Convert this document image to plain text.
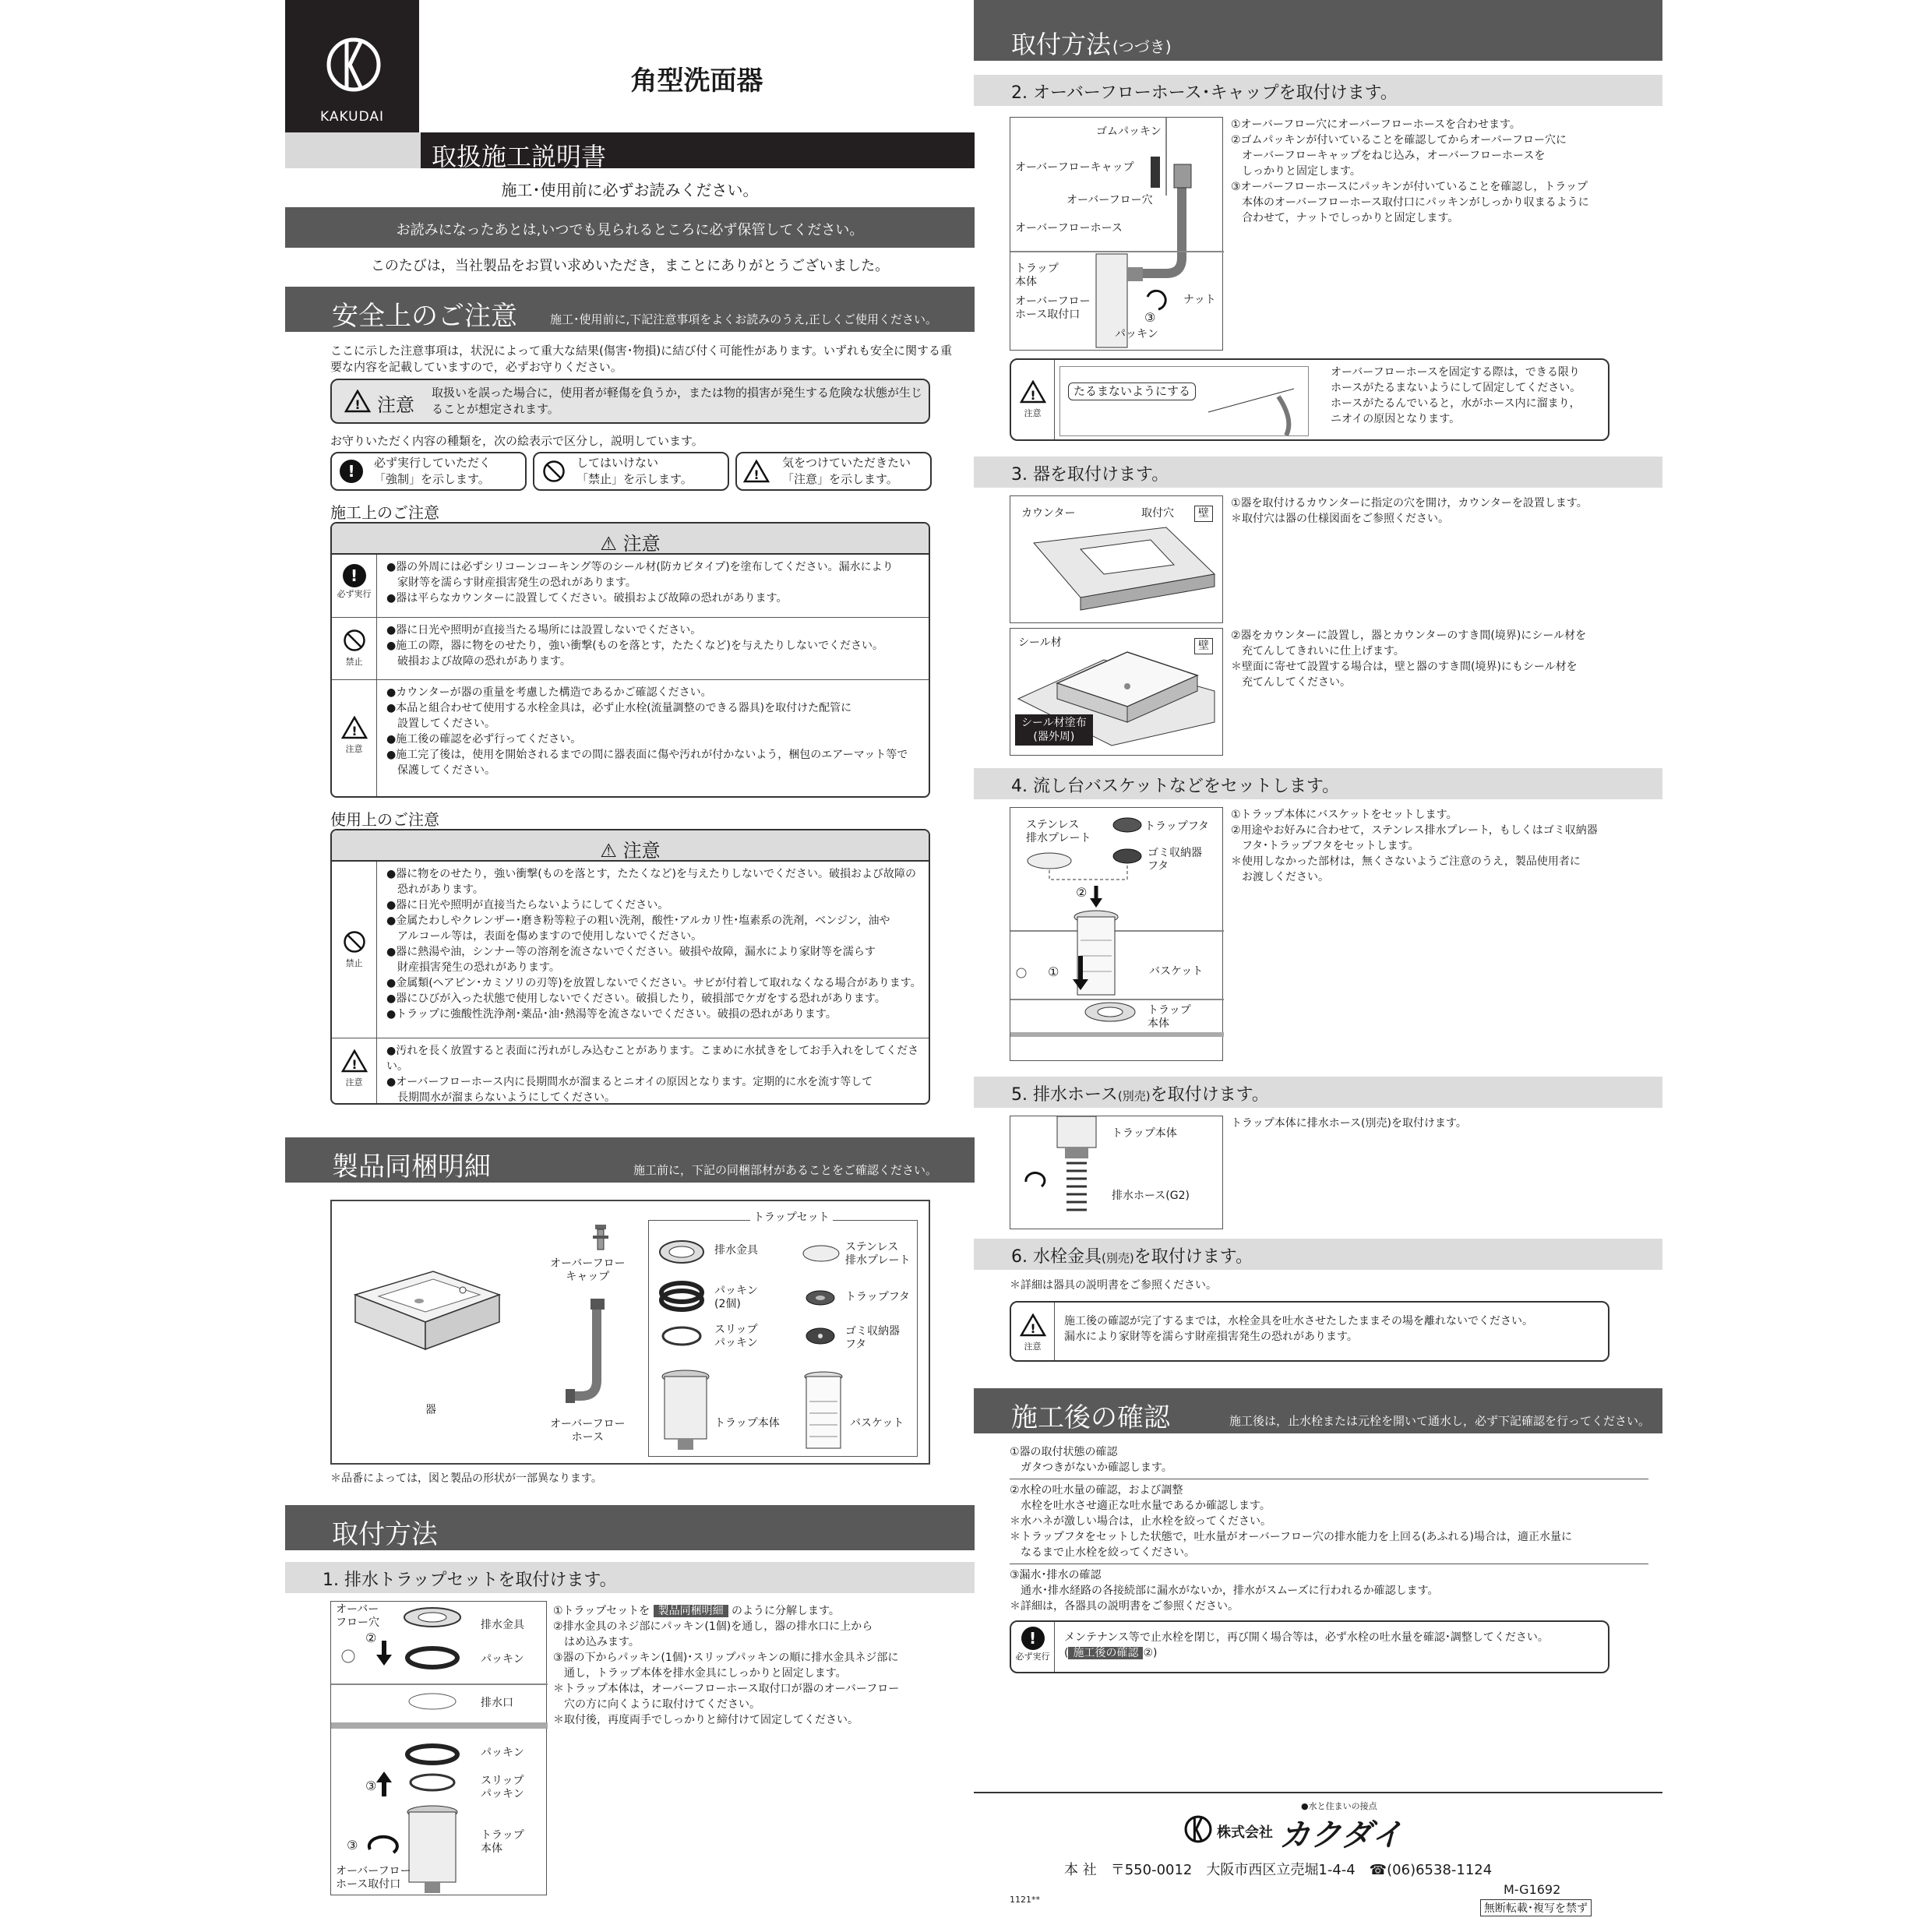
KAKUDAI
角型洗面器
取扱施工説明書
施工･使用前に必ずお読みください。
お読みになったあとは,いつでも見られるところに必ず保管してください。
このたびは，当社製品をお買い求めいただき，まことにありがとうございました。
安全上のご注意	施工･使用前に,下記注意事項をよくお読みのうえ,正しくご使用ください。
ここに示した注意事項は，状況によって重大な結果(傷害･物損)に結び付く可能性があります。いずれも安全に関する重要な内容を記載していますので，必ずお守りください。
! 注意
取扱いを誤った場合に，使用者が軽傷を負うか，または物的損害が発生する危険な状態が生じることが想定されます。
お守りいただく内容の種類を，次の絵表示で区分し，説明しています。
!	必ず実行していただく
「強制」を示します。
してはいけない
「禁止」を示します。	!
気をつけていただきたい
「注意」を示します。
施工上のご注意
⚠ 注意
!
必ず実行
●器の外周には必ずシリコーンコーキング等のシール材(防カビタイプ)を塗布してください。漏水により
　家財等を濡らす財産損害発生の恐れがあります。
●器は平らなカウンターに設置してください。破損および故障の恐れがあります。
禁止
●器に日光や照明が直接当たる場所には設置しないでください。
●施工の際，器に物をのせたり，強い衝撃(ものを落とす，たたくなど)を与えたりしないでください。
　破損および故障の恐れがあります。
!
注意
●カウンターが器の重量を考慮した構造であるかご確認ください。
●本品と組合わせて使用する水栓金具は，必ず止水栓(流量調整のできる器具)を取付けた配管に
　設置してください。
●施工後の確認を必ず行ってください。
●施工完了後は，使用を開始されるまでの間に器表面に傷や汚れが付かないよう，梱包のエアーマット等で
　保護してください。
使用上のご注意
⚠ 注意
禁止
●器に物をのせたり，強い衝撃(ものを落とす，たたくなど)を与えたりしないでください。破損および故障の
　恐れがあります。
●器に日光や照明が直接当たらないようにしてください。
●金属たわしやクレンザー･磨き粉等粒子の粗い洗剤，酸性･アルカリ性･塩素系の洗剤，ベンジン，油や
　アルコール等は，表面を傷めますので使用しないでください。
●器に熱湯や油，シンナー等の溶剤を流さないでください。破損や故障，漏水により家財等を濡らす
　財産損害発生の恐れがあります。
●金属類(ヘアピン･カミソリの刃等)を放置しないでください。サビが付着して取れなくなる場合があります。
●器にひびが入った状態で使用しないでください。破損したり，破損部でケガをする恐れがあります。
●トラップに強酸性洗浄剤･薬品･油･熱湯等を流さないでください。破損の恐れがあります。
!
注意
●汚れを長く放置すると表面に汚れがしみ込むことがあります。こまめに水拭きをしてお手入れをしてください。
●オーバーフローホース内に長期間水が溜まるとニオイの原因となります。定期的に水を流す等して
　長期間水が溜まらないようにしてください。
製品同梱明細	施工前に，下記の同梱部材があることをご確認ください。
器
オーバーフロー
キャップ
オーバーフロー
ホース
トラップセット
排水金具
パッキン
(2個)
スリップ
パッキン
トラップ本体
ステンレス
排水プレート
トラップフタ
ゴミ収納器
フタ
バスケット
＊品番によっては，図と製品の形状が一部異なります。
取付方法
1. 排水トラップセットを取付けます。
オーバー
フロー穴	排水金具
パッキン
排水口
パッキン
スリップ
パッキン
トラップ
本体
オーバーフロー
ホース取付口
②
③
③
①トラップセットを 製品同梱明細 のように分解します。
②排水金具のネジ部にパッキン(1個)を通し，器の排水口に上から
　はめ込みます。
③器の下からパッキン(1個)･スリップパッキンの順に排水金具ネジ部に
　通し，トラップ本体を排水金具にしっかりと固定します。
＊トラップ本体は，オーバーフローホース取付口が器のオーバーフロー
　穴の方に向くように取付けてください。
＊取付後，再度両手でしっかりと締付けて固定してください。
取付方法 (つづき)
2. オーバーフローホース･キャップを取付けます。
ゴムパッキン
オーバーフローキャップ
オーバーフロー穴
オーバーフローホース
トラップ
本体
オーバーフロー
ホース取付口
ナット
③
パッキン
①オーバーフロー穴にオーバーフローホースを合わせます。
②ゴムパッキンが付いていることを確認してからオーバーフロー穴に
　オーバーフローキャップをねじ込み，オーバーフローホースを
　しっかりと固定します。
③オーバーフローホースにパッキンが付いていることを確認し，トラップ
　本体のオーバーフローホース取付口にパッキンがしっかり収まるように
　合わせて，ナットでしっかりと固定します。
!
注意
たるまないようにする
オーバーフローホースを固定する際は，できる限り
ホースがたるまないようにして固定してください。
ホースがたるんでいると，水がホース内に溜まり，
ニオイの原因となります。
3. 器を取付けます。
カウンター	取付穴	壁
①器を取付けるカウンターに指定の穴を開け，カウンターを設置します。
＊取付穴は器の仕様図面をご参照ください。
シール材	壁
シール材塗布
(器外周)
②器をカウンターに設置し，器とカウンターのすき間(境界)にシール材を
　充てんしてきれいに仕上げます。
＊壁面に寄せて設置する場合は，壁と器のすき間(境界)にもシール材を
　充てんしてください。
4. 流し台バスケットなどをセットします。
ステンレス
排水プレート
トラップフタ
ゴミ収納器
フタ
②
①	バスケット
トラップ
本体
①トラップ本体にバスケットをセットします。
②用途やお好みに合わせて，ステンレス排水プレート，もしくはゴミ収納器
　フタ･トラップフタをセットします。
＊使用しなかった部材は，無くさないようご注意のうえ，製品使用者に
　お渡しください。
5. 排水ホース(別売)を取付けます。
トラップ本体
排水ホース(G2)
トラップ本体に排水ホース(別売)を取付けます。
6. 水栓金具(別売)を取付けます。
＊詳細は器具の説明書をご参照ください。
!
注意
施工後の確認が完了するまでは，水栓金具を吐水させたしたままその場を離れないでください。
漏水により家財等を濡らす財産損害発生の恐れがあります。
施工後の確認	施工後は，止水栓または元栓を開いて通水し，必ず下記確認を行ってください。
①器の取付状態の確認
　ガタつきがないか確認します。
②水栓の吐水量の確認，および調整
　水栓を吐水させ適正な吐水量であるか確認します。
＊水ハネが激しい場合は，止水栓を絞ってください。
＊トラップフタをセットした状態で，吐水量がオーバーフロー穴の排水能力を上回る(あふれる)場合は，適正水量に
　なるまで止水栓を絞ってください。
③漏水･排水の確認
　通水･排水経路の各接続部に漏水がないか，排水がスムーズに行われるか確認します。
＊詳細は，各器具の説明書をご参照ください。
!
必ず実行
メンテナンス等で止水栓を閉じ，再び開く場合等は，必ず水栓の吐水量を確認･調整してください。
( 施工後の確認 ②)
●水と住まいの接点
株式会社 カクダイ
本 社　〒550-0012　大阪市西区立売堀1-4-4　☎(06)6538-1124
1121**
M-G1692
無断転載･複写を禁ず
